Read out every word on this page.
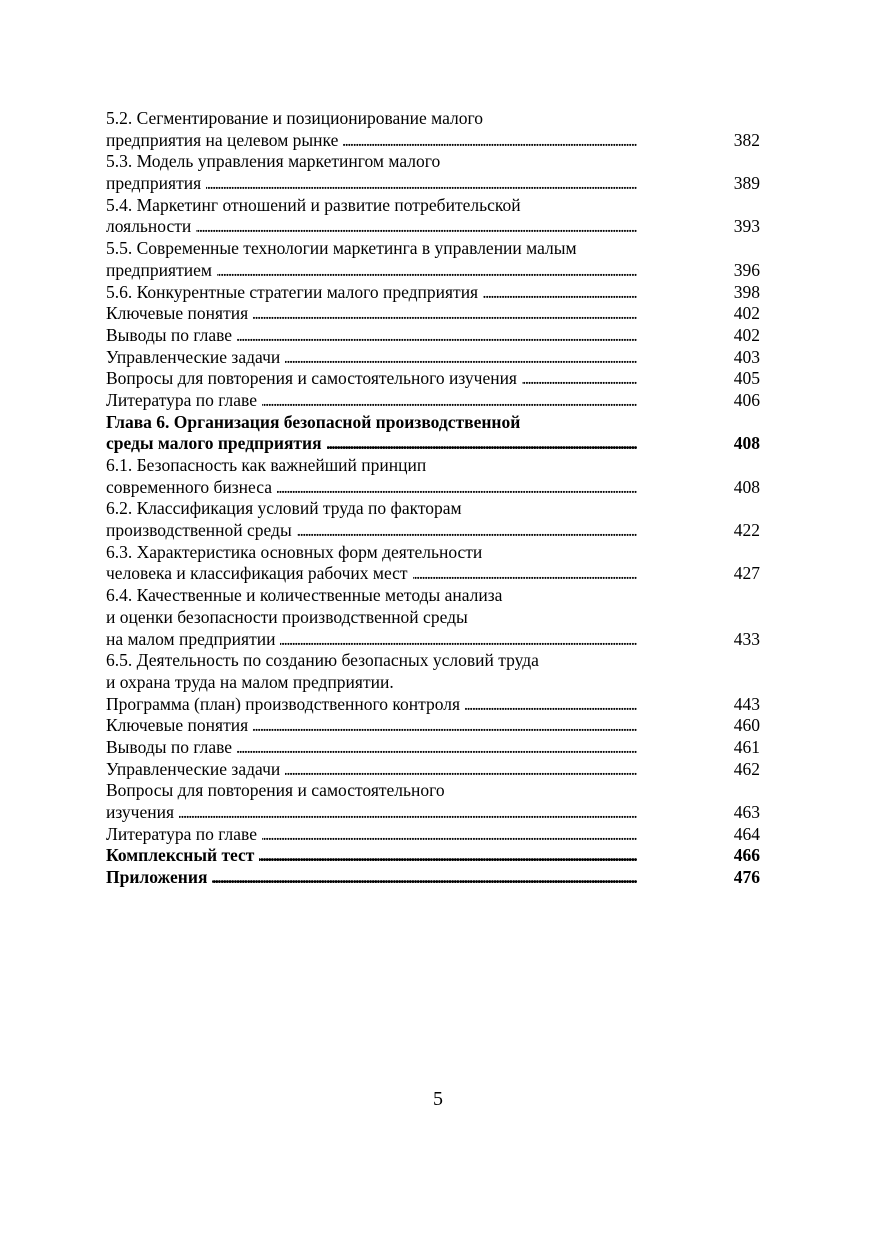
5.2. Сегментирование и позиционирование малого
. . .
предприятия на целевом рынке	382
5.3. Модель управления маркетингом малого
. . .
предприятия	389
5.4. Маркетинг отношений и развитие потребительской
. . .
лояльности	393
5.5. Современные технологии маркетинга в управлении малым
. . .
предприятием	396
. . .
5.6. Конкурентные стратегии малого предприятия	398
. . .
Ключевые понятия	402
. . .
Выводы по главе	402
. . .
Управленческие задачи	403
. . .
Вопросы для повторения и самостоятельного изучения	405
. . .
Литература по главе	406
Глава 6. Организация безопасной производственной
. . .
среды малого предприятия	408
6.1. Безопасность как важнейший принцип
. . .
современного бизнеса	408
6.2. Классификация условий труда по факторам
. . .
производственной среды	422
6.3. Характеристика основных форм деятельности
. . .
человека и классификация рабочих мест	427
6.4. Качественные и количественные методы анализа
и оценки безопасности производственной среды
. . .
на малом предприятии	433
6.5. Деятельность по созданию безопасных условий труда
и охрана труда на малом предприятии.
. . .
Программа (план) производственного контроля	443
. . .
Ключевые понятия	460
. . .
Выводы по главе	461
. . .
Управленческие задачи	462
Вопросы для повторения и самостоятельного
. . .
изучения	463
. . .
Литература по главе	464
. . .
Комплексный тест	466
. . .
Приложения	476
5
